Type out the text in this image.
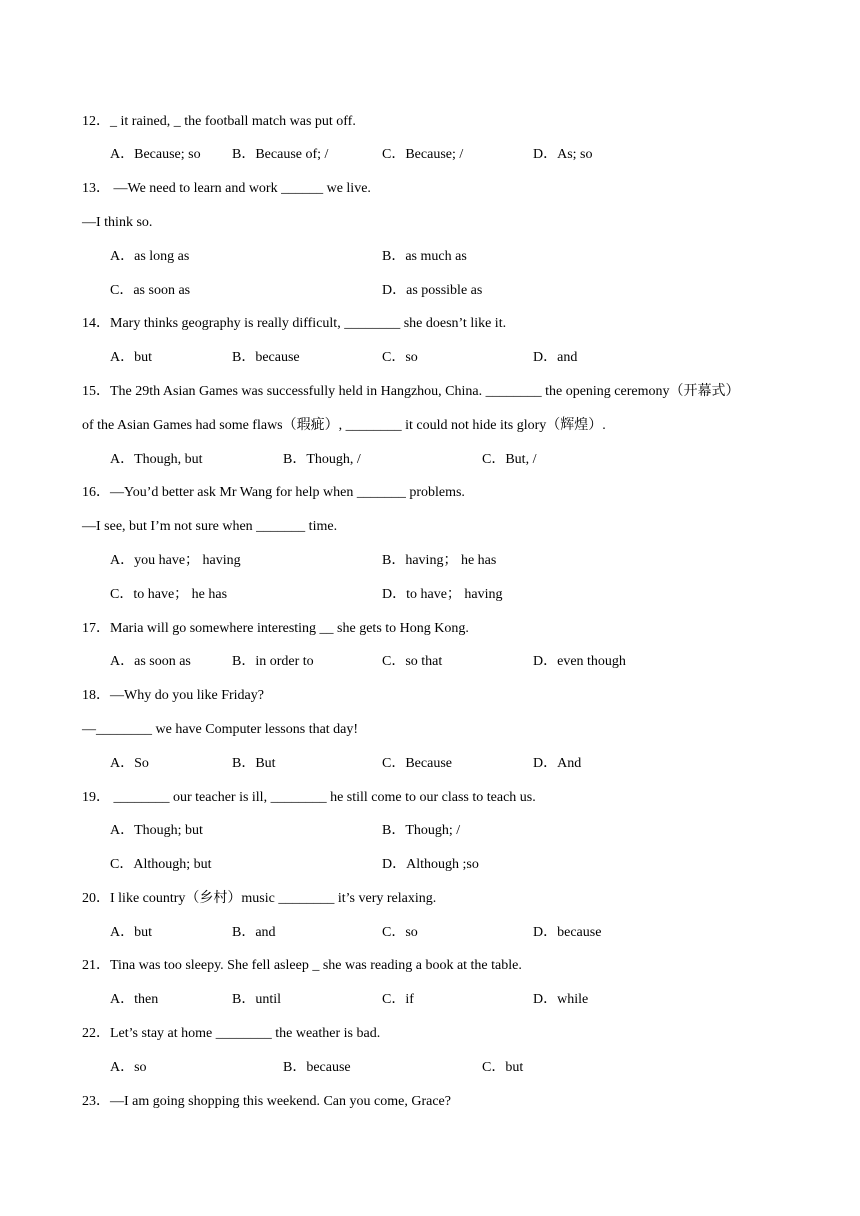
12．_ it rained, _ the football match was put off.
A．Because; so B．Because of; /	C．Because; /	D．As; so
13． —We need to learn and work ______ we live.
—I think so.
A．as long as	B．as much as
C．as soon as	D．as possible as
14．Mary thinks geography is really difficult, ________ she doesn’t like it.
A．but	B．because	C．so	D．and
15．The 29th Asian Games was successfully held in Hangzhou, China. ________ the opening ceremony（开幕式）
of the Asian Games had some flaws（瑕疵）, ________ it could not hide its glory（辉煌）.
A．Though, but	B．Though, /	C．But, /
16．—You’d better ask Mr Wang for help when _______ problems.
—I see, but I’m not sure when _______ time.
A．you have； having	B．having； he has
C．to have； he has	D．to have； having
17．Maria will go somewhere interesting __ she gets to Hong Kong.
A．as soon as	B．in order to	C．so that	D．even though
18．—Why do you like Friday?
—________ we have Computer lessons that day!
A．So	B．But	C．Because	D．And
19． ________ our teacher is ill, ________ he still come to our class to teach us.
A．Though; but	B．Though; /
C．Although; but	D．Although ;so
20．I like country（乡村）music ________ it’s very relaxing.
A．but	B．and	C．so	D．because
21．Tina was too sleepy. She fell asleep _ she was reading a book at the table.
A．then	B．until	C．if	D．while
22．Let’s stay at home ________ the weather is bad.
A．so	B．because	C．but
23．—I am going shopping this weekend. Can you come, Grace?
